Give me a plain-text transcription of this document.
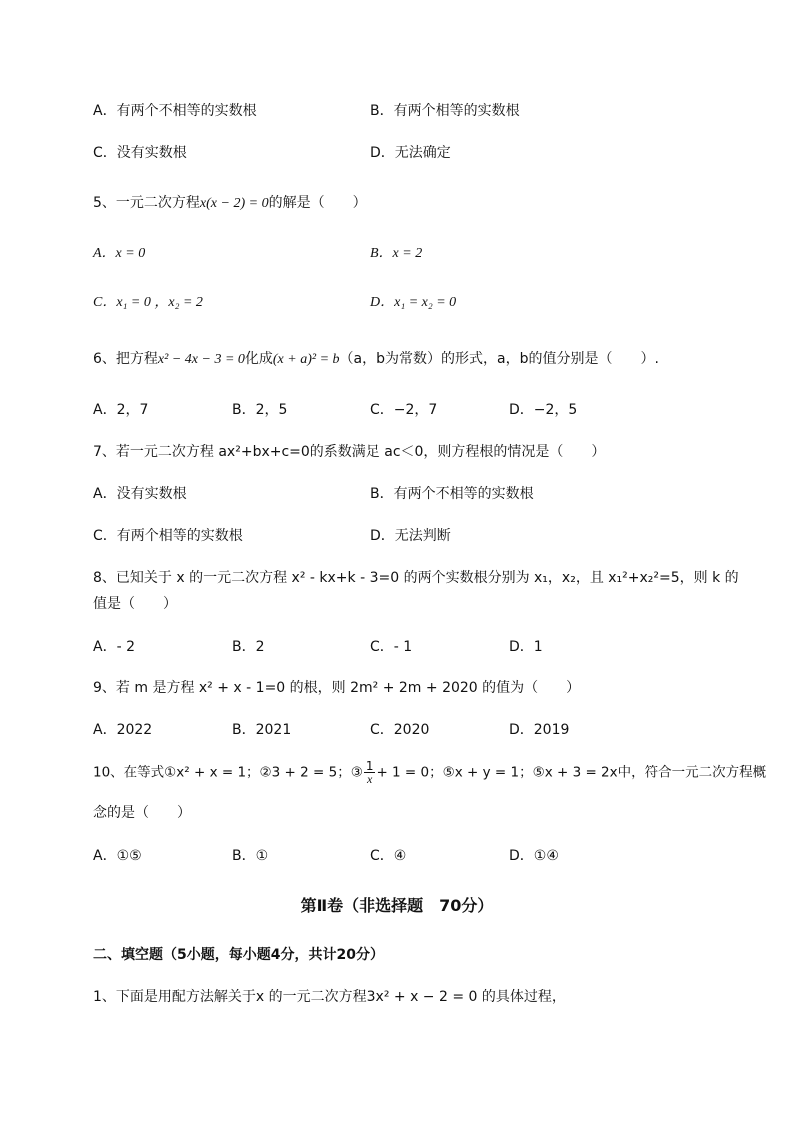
A．有两个不相等的实数根	B．有两个相等的实数根
C．没有实数根	D．无法确定
5、一元二次方程x(x − 2) = 0的解是（　　）
A．x = 0	B．x = 2
C．x₁ = 0 ，x₂ = 2	D．x₁ = x₂ = 0
6、把方程x² − 4x − 3 = 0化成(x + a)² = b（a，b为常数）的形式，a，b的值分别是（　　）.
A．2，7	B．2，5	C．−2，7	D．−2，5
7、若一元二次方程 ax²+bx+c=0的系数满足 ac＜0，则方程根的情况是（　　）
A．没有实数根	B．有两个不相等的实数根
C．有两个相等的实数根	D．无法判断
8、已知关于 x 的一元二次方程 x² - kx+k - 3=0 的两个实数根分别为 x₁，x₂，且 x₁²+x₂²=5，则 k 的
值是（　　）
A．- 2	B．2	C．- 1	D．1
9、若 m 是方程 x² + x - 1=0 的根，则 2m² + 2m + 2020 的值为（　　）
A．2022	B．2021	C．2020	D．2019
10、在等式①x² + x = 1；②3 + 2 = 5；③ $\frac{1}{x} + 1 = 0$；⑤x + y = 1；⑤x + 3 = 2x中，符合一元二次方程概
念的是（　　）
A．①⑤	B．①	C．④	D．①④
第Ⅱ卷（非选择题　70分）
二、填空题（5小题，每小题4分，共计20分）
1、下面是用配方法解关于x 的一元二次方程3x² + x − 2 = 0 的具体过程，
